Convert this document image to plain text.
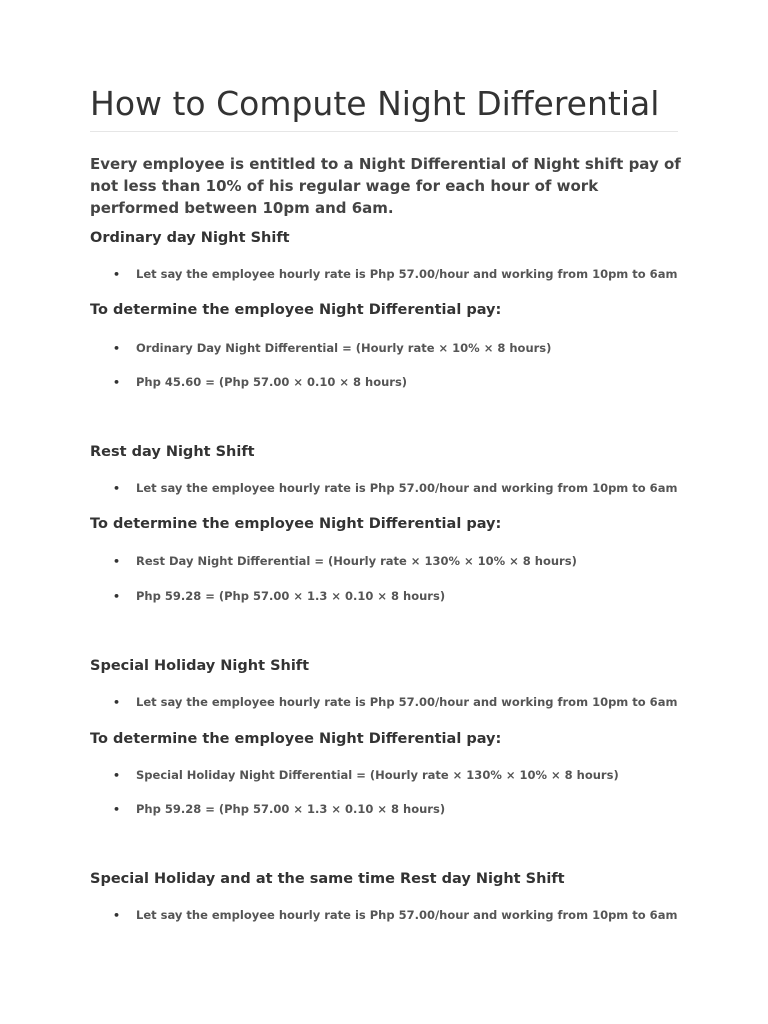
How to Compute Night Differential

Every employee is entitled to a Night Differential of Night shift pay of not less than 10% of his regular wage for each hour of work performed between 10pm and 6am.

Ordinary day Night Shift
• Let say the employee hourly rate is Php 57.00/hour and working from 10pm to 6am
To determine the employee Night Differential pay:
• Ordinary Day Night Differential = (Hourly rate × 10% × 8 hours)
• Php 45.60 = (Php 57.00 × 0.10 × 8 hours)
Rest day Night Shift
• Let say the employee hourly rate is Php 57.00/hour and working from 10pm to 6am
To determine the employee Night Differential pay:
• Rest Day Night Differential = (Hourly rate × 130% × 10% × 8 hours)
• Php 59.28 = (Php 57.00 × 1.3 × 0.10 × 8 hours)
Special Holiday Night Shift
• Let say the employee hourly rate is Php 57.00/hour and working from 10pm to 6am
To determine the employee Night Differential pay:
• Special Holiday Night Differential = (Hourly rate × 130% × 10% × 8 hours)
• Php 59.28 = (Php 57.00 × 1.3 × 0.10 × 8 hours)
Special Holiday and at the same time Rest day Night Shift
• Let say the employee hourly rate is Php 57.00/hour and working from 10pm to 6am
